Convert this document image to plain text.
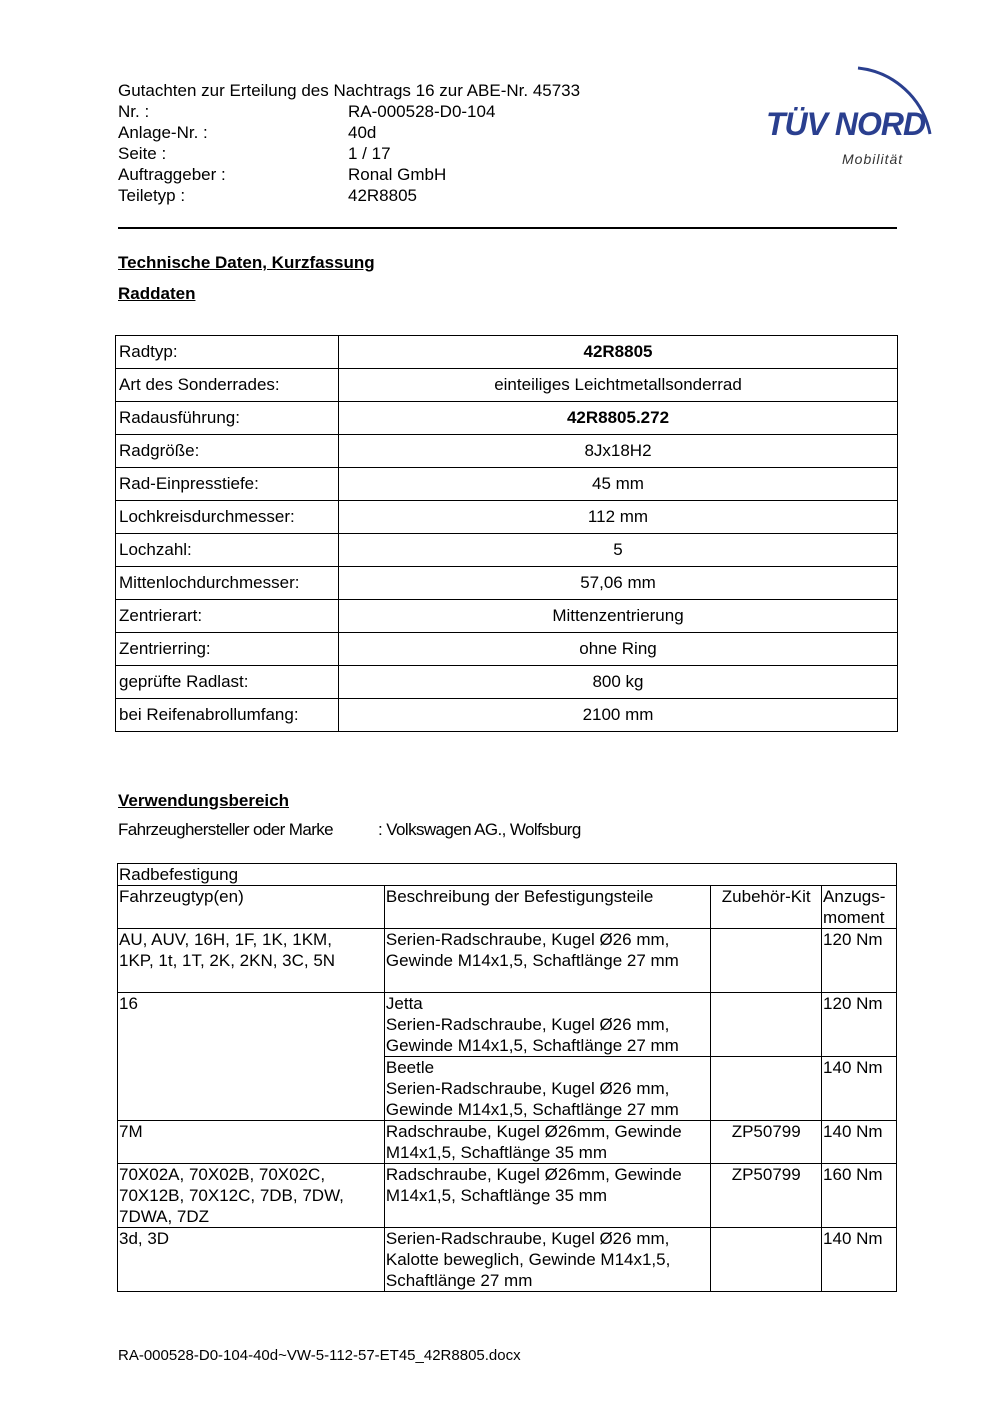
Gutachten zur Erteilung des Nachtrags 16 zur ABE-Nr. 45733
Nr. :	RA-000528-D0-104
Anlage-Nr. :	40d
Seite :	1 / 17
Auftraggeber :	Ronal GmbH
Teiletyp :	42R8805
TÜV NORD
Mobilität
Technische Daten, Kurzfassung
Raddaten
Radtyp:	42R8805
Art des Sonderrades:	einteiliges Leichtmetallsonderrad
Radausführung:	42R8805.272
Radgröße:	8Jx18H2
Rad-Einpresstiefe:	45 mm
Lochkreisdurchmesser:	112 mm
Lochzahl:	5
Mittenlochdurchmesser:	57,06 mm
Zentrierart:	Mittenzentrierung
Zentrierring:	ohne Ring
geprüfte Radlast:	800 kg
bei Reifenabrollumfang:	2100 mm
Verwendungsbereich
Fahrzeughersteller oder Marke	: Volkswagen AG., Wolfsburg
Radbefestigung			
Fahrzeugtyp(en)	Beschreibung der Befestigungsteile	Zubehör-Kit	Anzugs-
moment
AU, AUV, 16H, 1F, 1K, 1KM,
1KP, 1t, 1T, 2K, 2KN, 3C, 5N	Serien-Radschraube, Kugel Ø26 mm,
Gewinde M14x1,5, Schaftlänge 27 mm		120 Nm
16	Jetta
Serien-Radschraube, Kugel Ø26 mm,
Gewinde M14x1,5, Schaftlänge 27 mm		120 Nm
	Beetle
Serien-Radschraube, Kugel Ø26 mm,
Gewinde M14x1,5, Schaftlänge 27 mm		140 Nm
7M	Radschraube, Kugel Ø26mm, Gewinde
M14x1,5, Schaftlänge 35 mm	ZP50799	140 Nm
70X02A, 70X02B, 70X02C,
70X12B, 70X12C, 7DB, 7DW,
7DWA, 7DZ	Radschraube, Kugel Ø26mm, Gewinde
M14x1,5, Schaftlänge 35 mm	ZP50799	160 Nm
3d, 3D	Serien-Radschraube, Kugel Ø26 mm,
Kalotte beweglich, Gewinde M14x1,5,
Schaftlänge 27 mm		140 Nm
RA-000528-D0-104-40d~VW-5-112-57-ET45_42R8805.docx
